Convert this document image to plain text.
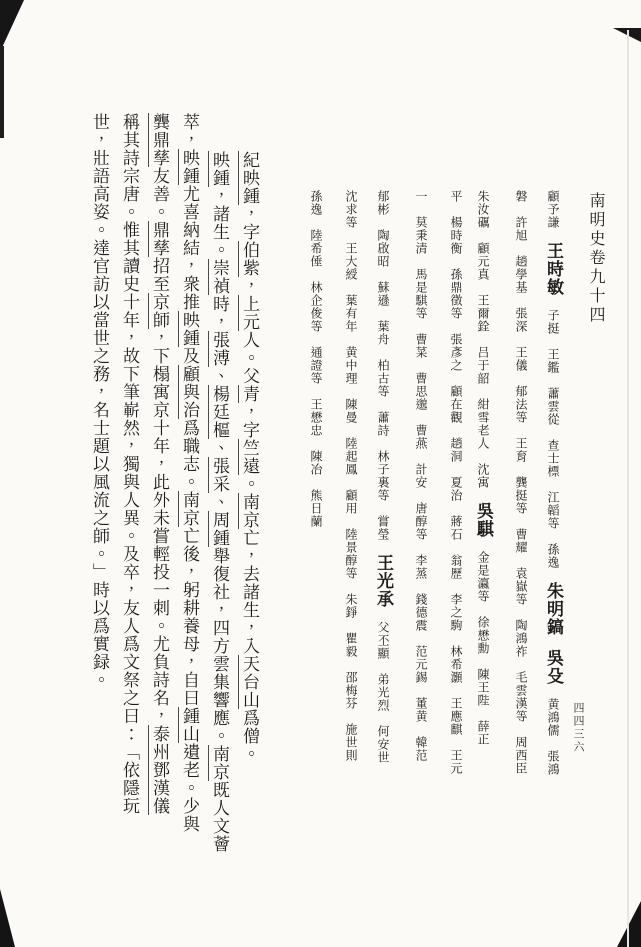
南明史卷九十四
四四三六
顧予謙王時敏子挺王鑑蕭雲從查士標江韜等孫逸朱明鎬吳殳黄鴻儒張鴻
磐許旭趙學基張深王儀郁法等王育龔挺等曹耀袁嶽等陶鴻祚毛雲漢等周西臣
朱汝礪顧元真王爾銓吕于韶紺雪老人沈寓吳騏金是瀛等徐懋勳陳王陛薛正
平楊時衡孫鼎徵等張彥之顧在觀趙洞夏治蔣石翁歷李之駒林希灝王應麒王元
一莫秉清馬是騏等曹菜曹思邈曹燕計安唐醇等李蒸錢德震范元錫董黄韓范
郁彬陶啟昭蘇遜葉舟柏古等蕭詩林子裏等嘗瑩王光承父丕顯弟光烈何安世
沈求等王大綬葉有年黄中理陳曼陸起鳳顧用陸景醇等朱錚瞿毅邵梅芬施世則
孫逸陸希倕林企俊等通證等王懋忠陳冶熊日蘭
紀映鍾，字伯紫，上元人。父青，字竺遠。南京亡，去諸生，入天台山爲僧。
映鍾，諸生。崇禎時，張溥、楊廷樞、張采、周鍾舉復社，四方雲集響應。南京既人文薈
萃，映鍾尤喜納結，衆推映鍾及顧與治爲職志。南京亡後，躬耕養母，自曰鍾山遺老。少與
龔鼎孳友善。鼎孳招至京師，下榻寓京十年，此外未嘗輕投一刺。尤負詩名，泰州鄧漢儀
稱其詩宗唐。惟其讀史十年，故下筆嶄然，獨與人異。及卒，友人爲文祭之曰：「依隱玩
世，壯語高姿。達官訪以當世之務，名士題以風流之師。」時以爲實録。
